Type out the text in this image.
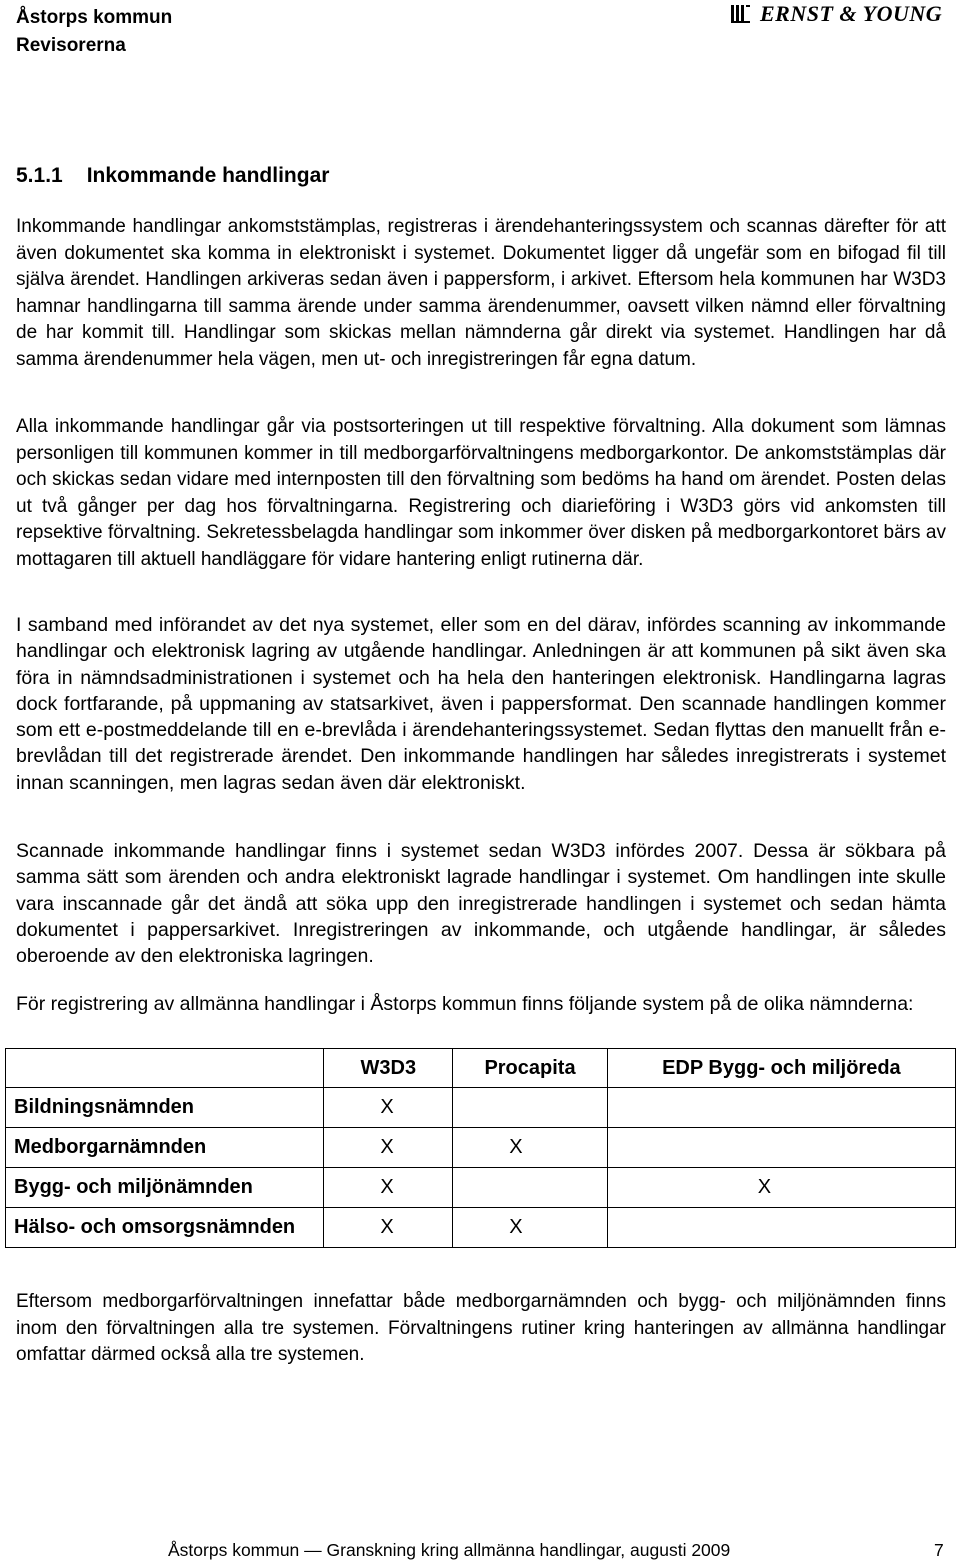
Åstorps kommun
Revisorerna
ERNST & YOUNG
5.1.1 Inkommande handlingar
Inkommande handlingar ankomststämplas, registreras i ärendehanteringssystem och scannas därefter för att även dokumentet ska komma in elektroniskt i systemet. Dokumentet ligger då ungefär som en bifogad fil till själva ärendet. Handlingen arkiveras sedan även i pappersform, i arkivet. Eftersom hela kommunen har W3D3 hamnar handlingarna till samma ärende under samma ärendenummer, oavsett vilken nämnd eller förvaltning de har kommit till. Handlingar som skickas mellan nämnderna går direkt via systemet. Handlingen har då samma ärendenummer hela vägen, men ut- och inregistreringen får egna datum.
Alla inkommande handlingar går via postsorteringen ut till respektive förvaltning. Alla dokument som lämnas personligen till kommunen kommer in till medborgarförvaltningens medborgarkontor. De ankomststämplas där och skickas sedan vidare med internposten till den förvaltning som bedöms ha hand om ärendet. Posten delas ut två gånger per dag hos förvaltningarna. Registrering och diarieföring i W3D3 görs vid ankomsten till repsektive förvaltning. Sekretessbelagda handlingar som inkommer över disken på medborgarkontoret bärs av mottagaren till aktuell handläggare för vidare hantering enligt rutinerna där.
I samband med införandet av det nya systemet, eller som en del därav, infördes scanning av inkommande handlingar och elektronisk lagring av utgående handlingar. Anledningen är att kommunen på sikt även ska föra in nämndsadministrationen i systemet och ha hela den hanteringen elektronisk. Handlingarna lagras dock fortfarande, på uppmaning av statsarkivet, även i pappersformat. Den scannade handlingen kommer som ett e-postmeddelande till en e-brevlåda i ärendehanteringssystemet. Sedan flyttas den manuellt från e-brevlådan till det registrerade ärendet. Den inkommande handlingen har således inregistrerats i systemet innan scanningen, men lagras sedan även där elektroniskt.
Scannade inkommande handlingar finns i systemet sedan W3D3 infördes 2007. Dessa är sökbara på samma sätt som ärenden och andra elektroniskt lagrade handlingar i systemet. Om handlingen inte skulle vara inscannade går det ändå att söka upp den inregistrerade handlingen i systemet och sedan hämta dokumentet i pappersarkivet. Inregistreringen av inkommande, och utgående handlingar, är således oberoende av den elektroniska lagringen.
För registrering av allmänna handlingar i Åstorps kommun finns följande system på de olika nämnderna:
	W3D3	Procapita	EDP Bygg- och miljöreda
Bildningsnämnden	X		
Medborgarnämnden	X	X	
Bygg- och miljönämnden	X		X
Hälso- och omsorgsnämnden	X	X	
Eftersom medborgarförvaltningen innefattar både medborgarnämnden och bygg- och miljönämnden finns inom den förvaltningen alla tre systemen. Förvaltningens rutiner kring hanteringen av allmänna handlingar omfattar därmed också alla tre systemen.
Åstorps kommun — Granskning kring allmänna handlingar, augusti 2009	7
